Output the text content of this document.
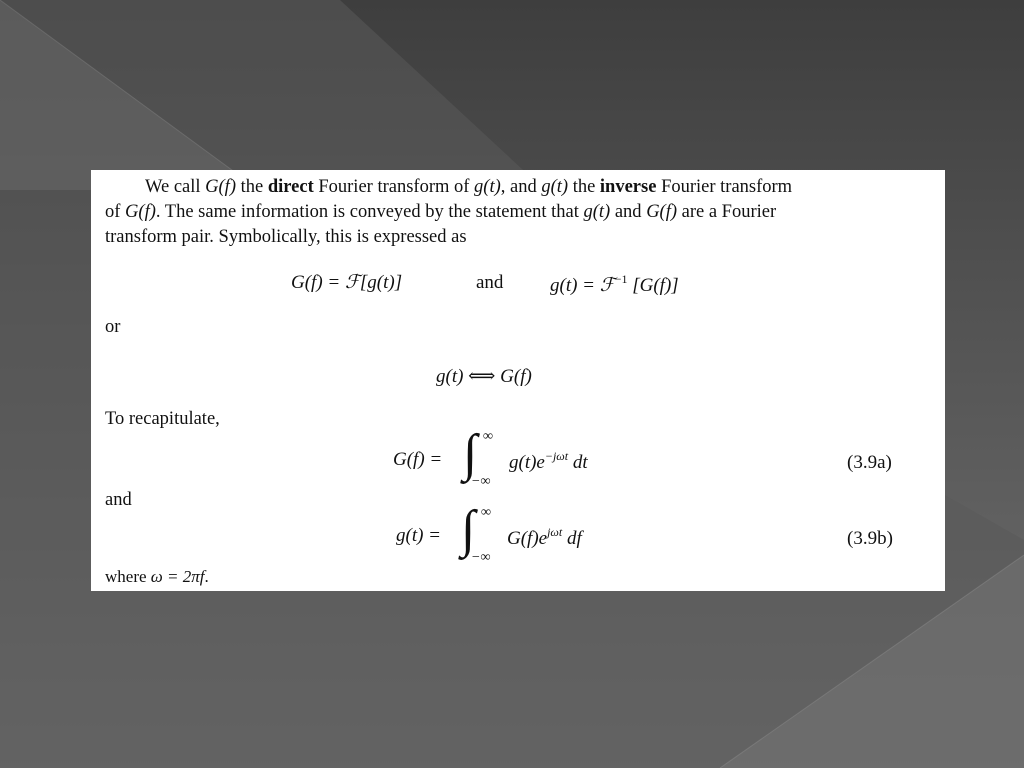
We call G(f) the direct Fourier transform of g(t), and g(t) the inverse Fourier transform
of G(f). The same information is conveyed by the statement that g(t) and G(f) are a Fourier
transform pair. Symbolically, this is expressed as
G(f) = ℱ[g(t)]	and g(t) = ℱ$^{-1}$ [G(f)]
or
g(t) ⟺ G(f)
To recapitulate,
G(f) = ∫ ∞
−∞
$g(t)e^{-j\omega t}$ dt	(3.9a)
and
g(t) = ∫ ∞
−∞
$G(f)e^{j\omega t}$ df	(3.9b)
where ω = 2πf.
